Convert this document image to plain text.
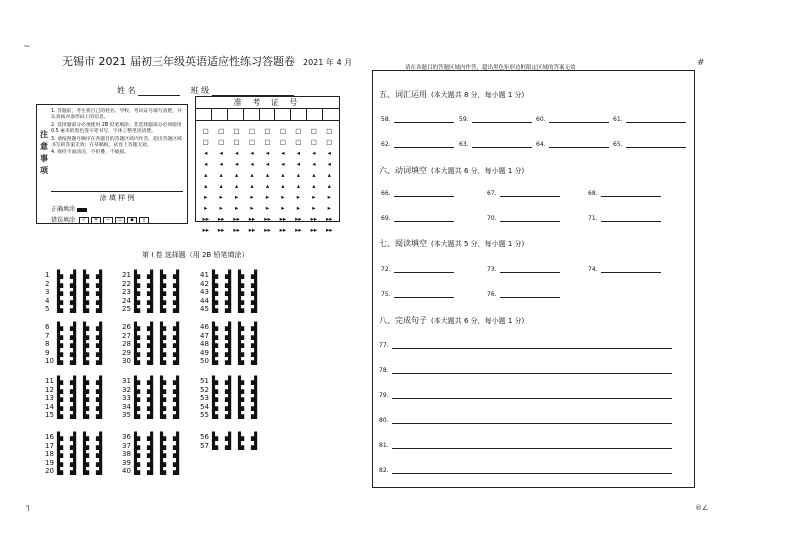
~
#
┐	®∠
无锡市 2021 届初三年级英语适应性练习答题卷 2021 年 4 月
姓 名	班 级
注意事项
1. 答题前，考生将自己的姓名、学校、考试证号填写清楚，并认真核对条形码上的信息。
2. 选择题部分必须使用 2B 铅笔填涂；非选择题部分必须使用 0.5 毫米的黑色签字笔书写，字体工整笔迹清楚。
3. 请按照题号顺序在各题目的答题区域内作答，超出答题区域书写的答案无效；在草稿纸、试卷上答题无效。
4. 保持卡面清洁，不折叠、不破损。
涂 填 样 例
正确填涂
错误填涂 ✓ ✕ ─ ▫ ▪ ▯
准 考 证 号
□	□	□	□	□	□	□	□	□
□	□	□	□	□	□	□	□	□
◂	◂	◂	◂	◂	◂	◂	◂	◂
◂	◂	◂	◂	◂	◂	◂	◂	◂
▴	▴	▴	▴	▴	▴	▴	▴	▴
▴	▴	▴	▴	▴	▴	▴	▴	▴
▸	▸	▸	▸	▸	▸	▸	▸	▸
▸	▸	▸	▸	▸	▸	▸	▸	▸
▸▸	▸▸	▸▸	▸▸	▸▸	▸▸	▸▸	▸▸	▸▸
▸▸	▸▸	▸▸	▸▸	▸▸	▸▸	▸▸	▸▸	▸▸
第 I 卷 选择题（用 2B 铅笔填涂）
1 ▙ ▟ ▙ ▟
2 ▙ ▟ ▙ ▟
3 ▙ ▟ ▙ ▟
4 ▙ ▟ ▙ ▟
5 ▙ ▟ ▙ ▟
21 ▙ ▟ ▙ ▟
22 ▙ ▟ ▙ ▟
23 ▙ ▟ ▙ ▟
24 ▙ ▟ ▙ ▟
25 ▙ ▟ ▙ ▟
41 ▙ ▟ ▙ ▟
42 ▙ ▟ ▙ ▟
43 ▙ ▟ ▙ ▟
44 ▙ ▟ ▙ ▟
45 ▙ ▟ ▙ ▟
6 ▙ ▟ ▙ ▟
7 ▙ ▟ ▙ ▟
8 ▙ ▟ ▙ ▟
9 ▙ ▟ ▙ ▟
10 ▙ ▟ ▙ ▟
26 ▙ ▟ ▙ ▟
27 ▙ ▟ ▙ ▟
28 ▙ ▟ ▙ ▟
29 ▙ ▟ ▙ ▟
30 ▙ ▟ ▙ ▟
46 ▙ ▟ ▙ ▟
47 ▙ ▟ ▙ ▟
48 ▙ ▟ ▙ ▟
49 ▙ ▟ ▙ ▟
50 ▙ ▟ ▙ ▟
11 ▙ ▟ ▙ ▟
12 ▙ ▟ ▙ ▟
13 ▙ ▟ ▙ ▟
14 ▙ ▟ ▙ ▟
15 ▙ ▟ ▙ ▟
31 ▙ ▟ ▙ ▟
32 ▙ ▟ ▙ ▟
33 ▙ ▟ ▙ ▟
34 ▙ ▟ ▙ ▟
35 ▙ ▟ ▙ ▟
51 ▙ ▟ ▙ ▟
52 ▙ ▟ ▙ ▟
53 ▙ ▟ ▙ ▟
54 ▙ ▟ ▙ ▟
55 ▙ ▟ ▙ ▟
16 ▙ ▟ ▙ ▟
17 ▙ ▟ ▙ ▟
18 ▙ ▟ ▙ ▟
19 ▙ ▟ ▙ ▟
20 ▙ ▟ ▙ ▟
36 ▙ ▟ ▙ ▟
37 ▙ ▟ ▙ ▟
38 ▙ ▟ ▙ ▟
39 ▙ ▟ ▙ ▟
40 ▙ ▟ ▙ ▟
56 ▙ ▟ ▙ ▟
57 ▙ ▟ ▙ ▟
请在各题目的答题区域内作答，超出黑色矩形边框限定区域的答案无效
五、词汇运用 (本大题共 8 分，每小题 1 分)
58.	59.	60.	61.
62.	63.	64.	65.
六、动词填空 (本大题共 6 分，每小题 1 分)
66.	67.	68.
69.	70.	71.
七、阅读填空 (本大题共 5 分，每小题 1 分)
72.	73.	74.
75.	76.
八、完成句子 (本大题共 6 分，每小题 1 分)
77.
78.
79.
80.
81.
82.
